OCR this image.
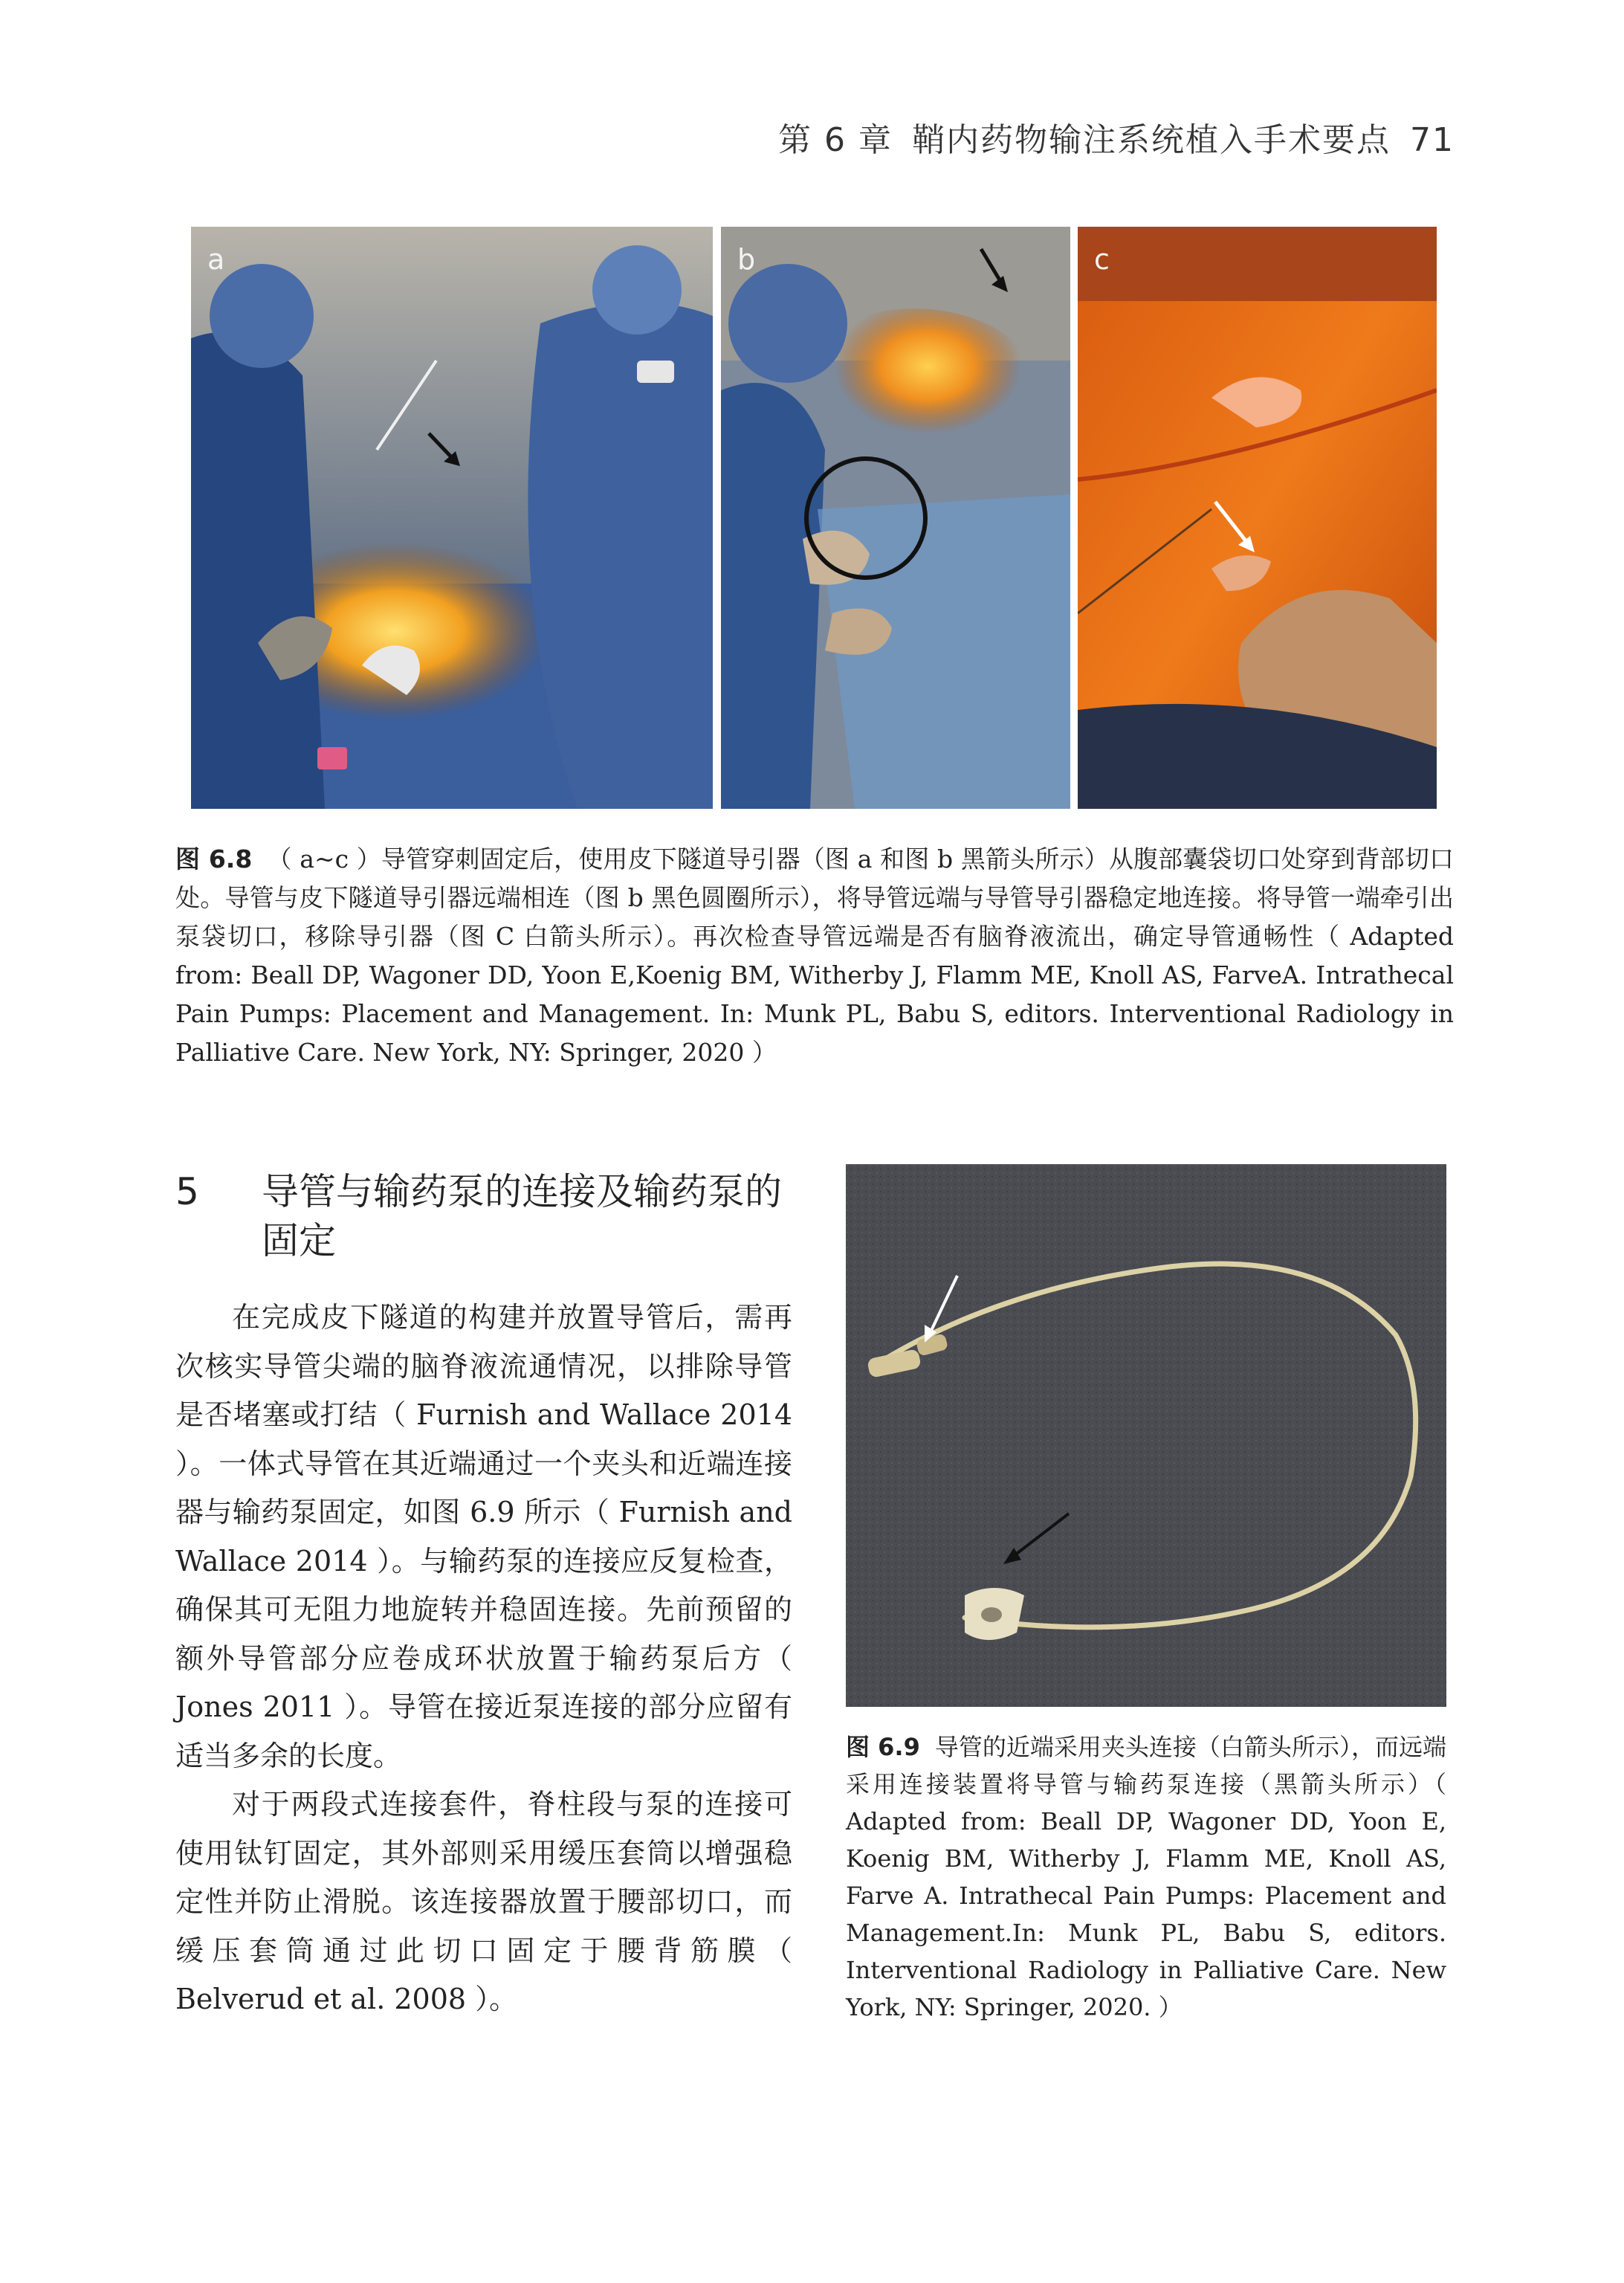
第 6 章 鞘内药物输注系统植入手术要点 71
a	b	c
图 6.8 （ a~c ）导管穿刺固定后，使用皮下隧道导引器（图 a 和图 b 黑箭头所示）从腹部囊袋切口处穿到背部切口处。导管与皮下隧道导引器远端相连（图 b 黑色圆圈所示），将导管远端与导管导引器稳定地连接。将导管一端牵引出泵袋切口，移除导引器（图 C 白箭头所示）。再次检查导管远端是否有脑脊液流出，确定导管通畅性（ Adapted from: Beall DP, Wagoner DD, Yoon E,Koenig BM, Witherby J, Flamm ME, Knoll AS, FarveA. Intrathecal Pain Pumps: Placement and Management. In: Munk PL, Babu S, editors. Interventional Radiology in Palliative Care. New York, NY: Springer, 2020 ）
5 导管与输药泵的连接及输药泵的固定

在完成皮下隧道的构建并放置导管后，需再次核实导管尖端的脑脊液流通情况，以排除导管是否堵塞或打结（ Furnish and Wallace 2014 ）。一体式导管在其近端通过一个夹头和近端连接器与输药泵固定，如图 6.9 所示（ Furnish and Wallace 2014 ）。与输药泵的连接应反复检查，确保其可无阻力地旋转并稳固连接。先前预留的额外导管部分应卷成环状放置于输药泵后方（ Jones 2011 ）。导管在接近泵连接的部分应留有适当多余的长度。

对于两段式连接套件，脊柱段与泵的连接可使用钛钉固定，其外部则采用缓压套筒以增强稳定性并防止滑脱。该连接器放置于腰部切口，而缓压套筒通过此切口固定于腰背筋膜（ Belverud et al. 2008 ）。

图 6.9 导管的近端采用夹头连接（白箭头所示），而远端采用连接装置将导管与输药泵连接（黑箭头所示）（ Adapted from: Beall DP, Wagoner DD, Yoon E, Koenig BM, Witherby J, Flamm ME, Knoll AS, Farve A. Intrathecal Pain Pumps: Placement and Management.In: Munk PL, Babu S, editors. Interventional Radiology in Palliative Care. New York, NY: Springer, 2020. ）
